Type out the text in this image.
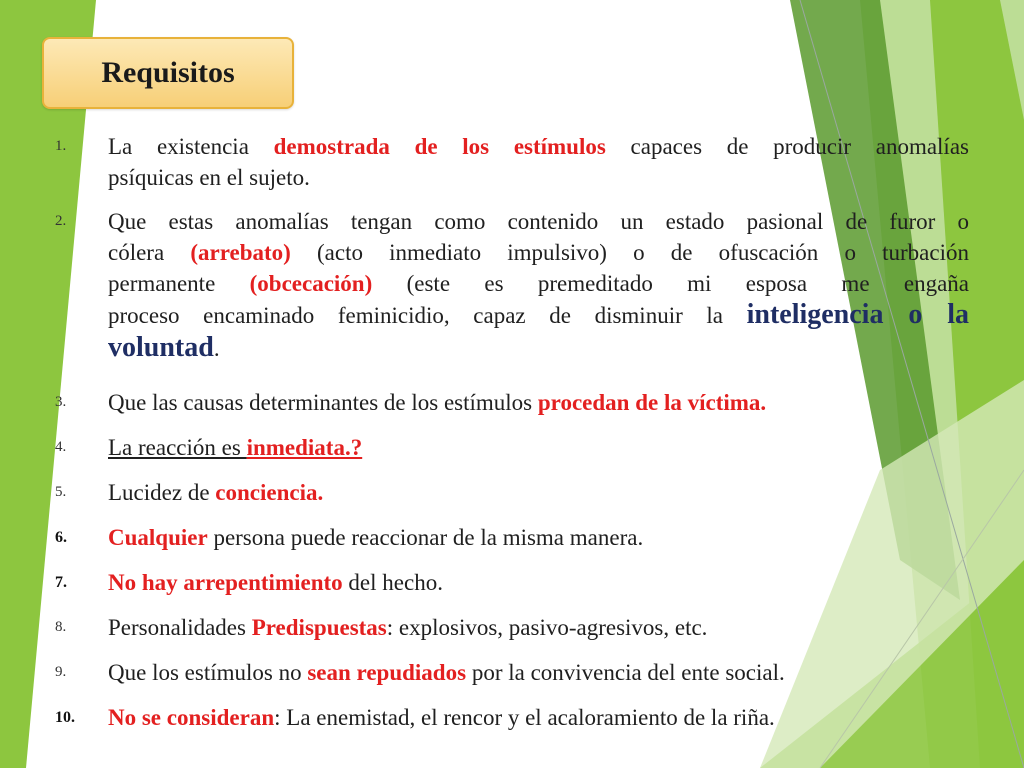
Requisitos
1. La existencia demostrada de los estímulos capaces de producir anomalías
psíquicas en el sujeto.
2. Que estas anomalías tengan como contenido un estado pasional de furor o
cólera (arrebato) (acto inmediato impulsivo) o de ofuscación o turbación
permanente (obcecación) (este es premeditado mi esposa me engaña
proceso encaminado feminicidio, capaz de disminuir la inteligencia o la
voluntad.
3. Que las causas determinantes de los estímulos procedan de la víctima.
4. La reacción es inmediata.?
5. Lucidez de conciencia.
6. Cualquier persona puede reaccionar de la misma manera.
7. No hay arrepentimiento del hecho.
8. Personalidades Predispuestas: explosivos, pasivo-agresivos, etc.
9. Que los estímulos no sean repudiados por la convivencia del ente social.
10. No se consideran: La enemistad, el rencor y el acaloramiento de la riña.
